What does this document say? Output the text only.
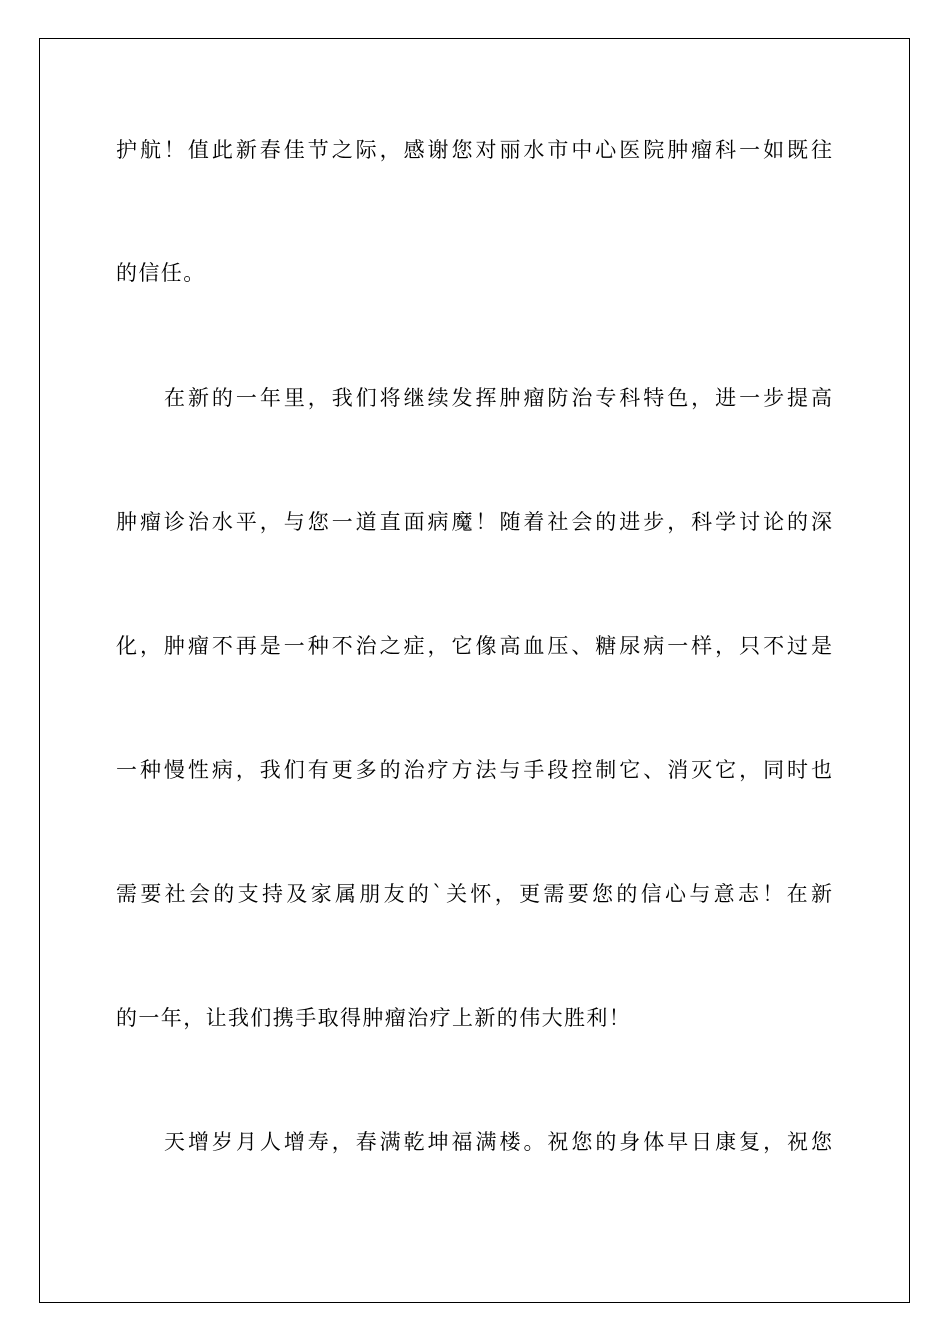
护航！值此新春佳节之际，感谢您对丽水市中心医院肿瘤科一如既往
的信任。
在新的一年里，我们将继续发挥肿瘤防治专科特色，进一步提高
肿瘤诊治水平，与您一道直面病魔！随着社会的进步，科学讨论的深
化，肿瘤不再是一种不治之症，它像高血压、糖尿病一样，只不过是
一种慢性病，我们有更多的治疗方法与手段控制它、消灭它，同时也
需要社会的支持及家属朋友的`关怀，更需要您的信心与意志！在新
的一年，让我们携手取得肿瘤治疗上新的伟大胜利！
天增岁月人增寿，春满乾坤福满楼。祝您的身体早日康复，祝您
